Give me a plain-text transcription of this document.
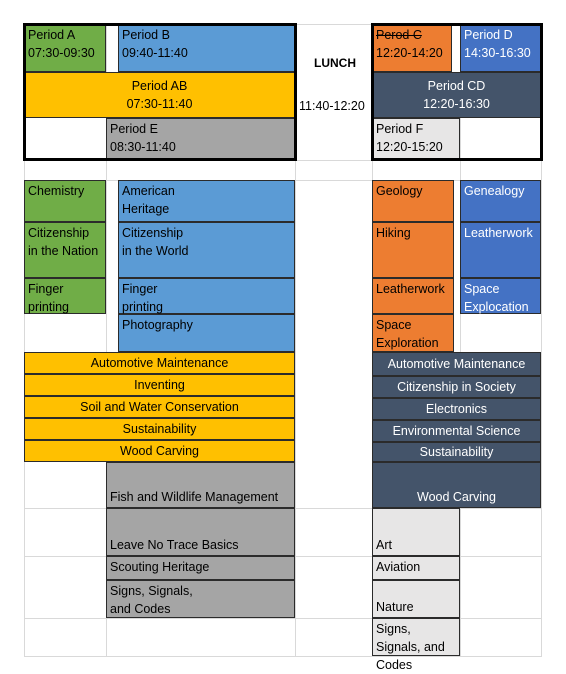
Period A
07:30-09:30
Period B
09:40-11:40
Perod C
12:20-14:20
Period D
14:30-16:30
Period AB
07:30-11:40
Period CD
12:20-16:30
Period E
08:30-11:40
Period F
12:20-15:20
LUNCH
11:40-12:20
Chemistry
Citizenship in the Nation
Finger printing
American Heritage
Citizenship in the World
Finger printing
Photography
Geology
Hiking
Leatherwork
Space Exploration
Genealogy
Leatherwork
Space Explocation
Automotive Maintenance
Inventing
Soil and Water Conservation
Sustainability
Wood Carving
Automotive Maintenance
Citizenship in Society
Electronics
Environmental Science
Sustainability
Wood Carving
Fish and Wildlife Management
Leave No Trace Basics
Scouting Heritage
Signs, Signals, and Codes
Art
Aviation
Nature
Signs, Signals, and Codes
